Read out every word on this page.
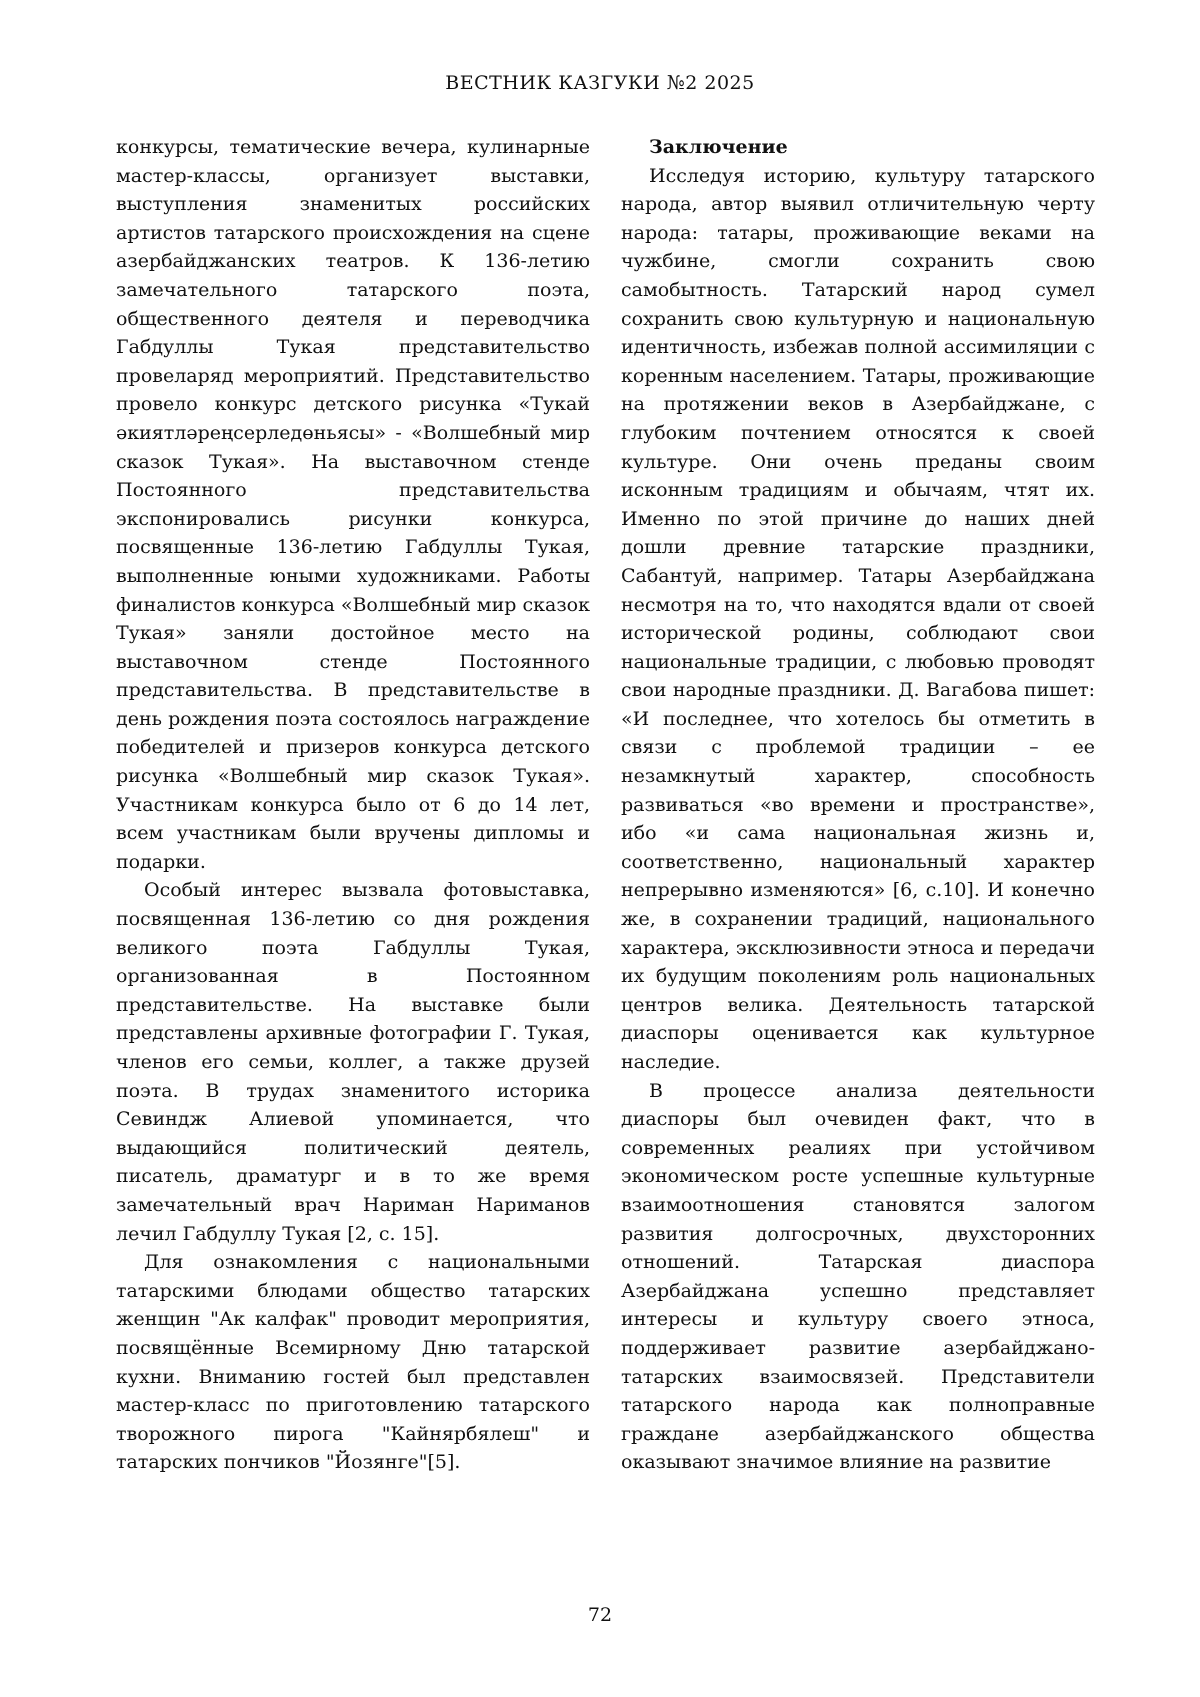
ВЕСТНИК КАЗГУКИ №2 2025

конкурсы, тематические вечера, кулинарные мастер-классы, организует выставки, выступления знаменитых российских артистов татарского происхождения на сцене азербайджанских театров. К 136-летию замечательного татарского поэта, общественного деятеля и переводчика Габдуллы Тукая представительство провеларяд мероприятий. Представительство провело конкурс детского рисунка «Тукай әкиятләреңсерледөньясы» - «Волшебный мир сказок Тукая». На выставочном стенде Постоянного представительства экспонировались рисунки конкурса, посвященные 136-летию Габдуллы Тукая, выполненные юными художниками. Работы финалистов конкурса «Волшебный мир сказок Тукая» заняли достойное место на выставочном стенде Постоянного представительства. В представительстве в день рождения поэта состоялось награждение победителей и призеров конкурса детского рисунка «Волшебный мир сказок Тукая». Участникам конкурса было от 6 до 14 лет, всем участникам были вручены дипломы и подарки.

Особый интерес вызвала фотовыставка, посвященная 136-летию со дня рождения великого поэта Габдуллы Тукая, организованная в Постоянном представительстве. На выставке были представлены архивные фотографии Г. Тукая, членов его семьи, коллег, а также друзей поэта. В трудах знаменитого историка Севиндж Алиевой упоминается, что выдающийся политический деятель, писатель, драматург и в то же время замечательный врач Нариман Нариманов лечил Габдуллу Тукая [2, с. 15].

Для ознакомления с национальными татарскими блюдами общество татарских женщин "Ак калфак" проводит мероприятия, посвящённые Всемирному Дню татарской кухни. Вниманию гостей был представлен мастер-класс по приготовлению татарского творожного пирога "Кайнярбялеш" и татарских пончиков "Йозянге"[5].

Заключение

Исследуя историю, культуру татарского народа, автор выявил отличительную черту народа: татары, проживающие веками на чужбине, смогли сохранить свою самобытность. Татарский народ сумел сохранить свою культурную и национальную идентичность, избежав полной ассимиляции с коренным населением. Татары, проживающие на протяжении веков в Азербайджане, с глубоким почтением относятся к своей культуре. Они очень преданы своим исконным традициям и обычаям, чтят их. Именно по этой причине до наших дней дошли древние татарские праздники, Сабантуй, например. Татары Азербайджана несмотря на то, что находятся вдали от своей исторической родины, соблюдают свои национальные традиции, с любовью проводят свои народные праздники. Д. Вагабова пишет: «И последнее, что хотелось бы отметить в связи с проблемой традиции – ее незамкнутый характер, способность развиваться «во времени и пространстве», ибо «и сама национальная жизнь и, соответственно, национальный характер непрерывно изменяются» [6, с.10]. И конечно же, в сохранении традиций, национального характера, эксклюзивности этноса и передачи их будущим поколениям роль национальных центров велика. Деятельность татарской диаспоры оценивается как культурное наследие.

В процессе анализа деятельности диаспоры был очевиден факт, что в современных реалиях при устойчивом экономическом росте успешные культурные взаимоотношения становятся залогом развития долгосрочных, двухсторонних отношений. Татарская диаспора Азербайджана успешно представляет интересы и культуру своего этноса, поддерживает развитие азербайджано-татарских взаимосвязей. Представители татарского народа как полноправные граждане азербайджанского общества оказывают значимое влияние на развитие

72
